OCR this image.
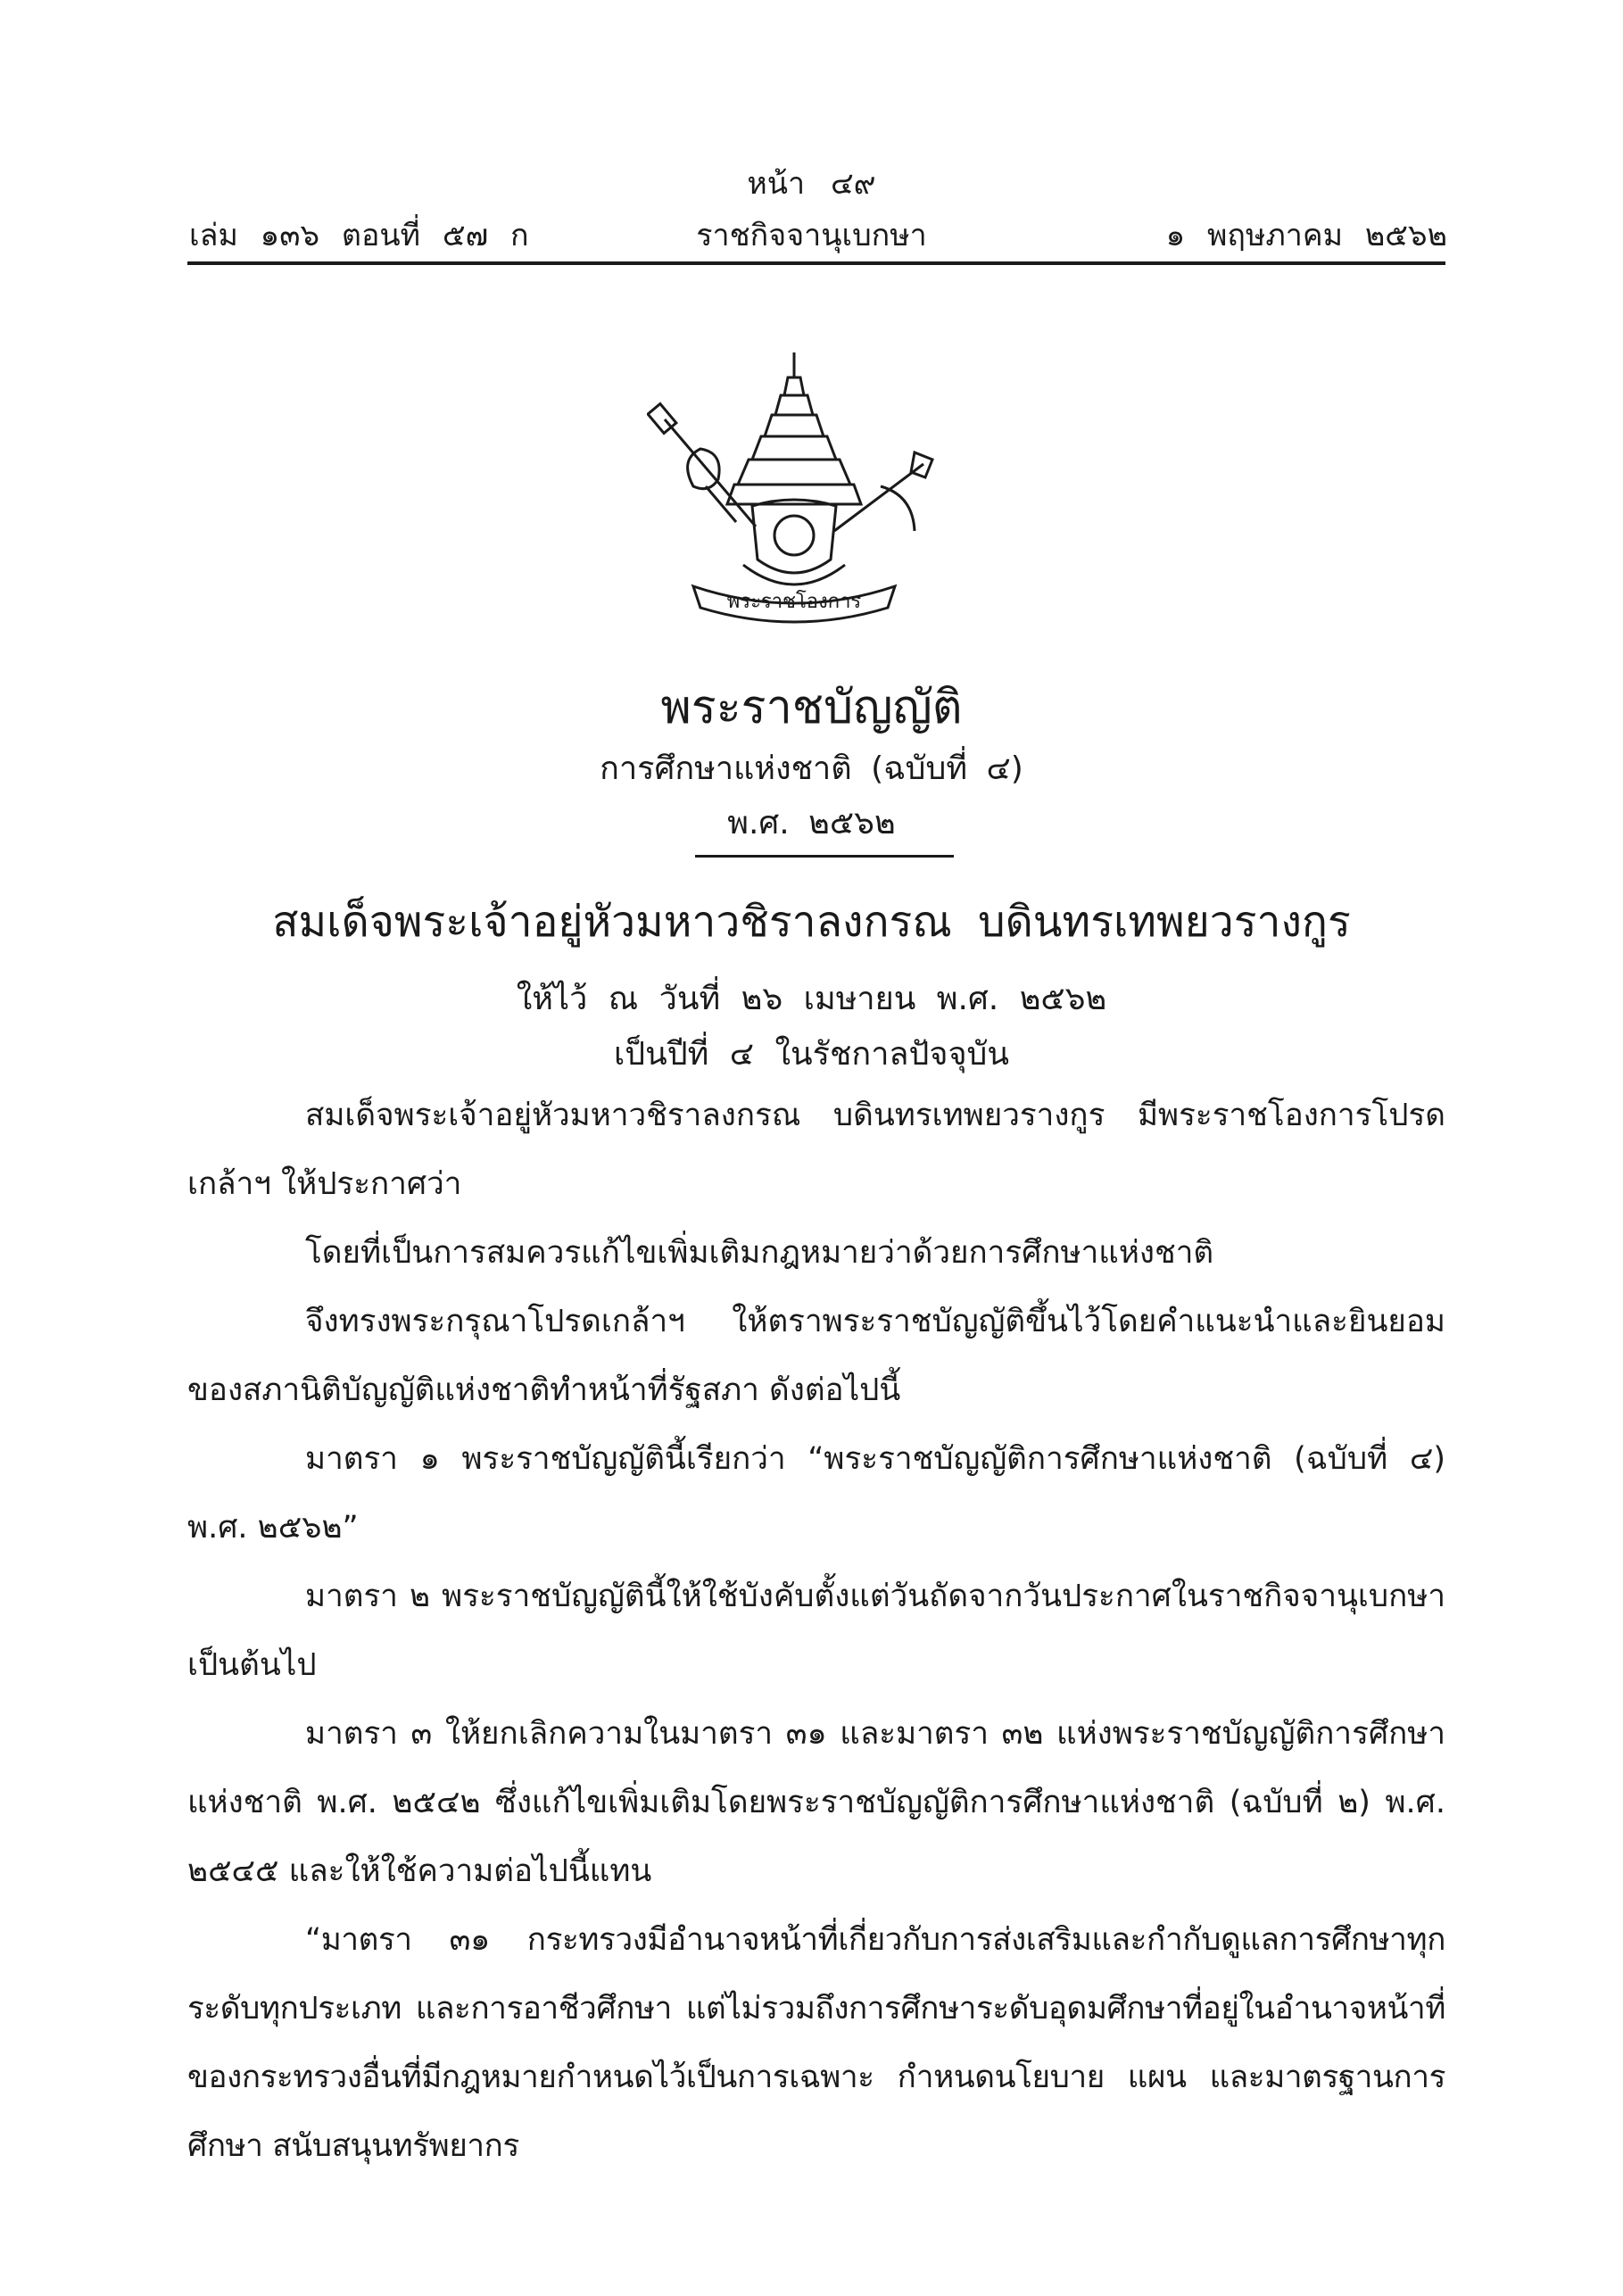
หน้า ๔๙
เล่ม ๑๓๖ ตอนที่ ๕๗ ก	ราชกิจจานุเบกษา	๑ พฤษภาคม ๒๕๖๒
พระราชโองการ
พระราชบัญญัติ
การศึกษาแห่งชาติ (ฉบับที่ ๔)
พ.ศ. ๒๕๖๒
สมเด็จพระเจ้าอยู่หัวมหาวชิราลงกรณ บดินทรเทพยวรางกูร
ให้ไว้ ณ วันที่ ๒๖ เมษายน พ.ศ. ๒๕๖๒
เป็นปีที่ ๔ ในรัชกาลปัจจุบัน

สมเด็จพระเจ้าอยู่หัวมหาวชิราลงกรณ บดินทรเทพยวรางกูร มีพระราชโองการโปรดเกล้าฯ ให้ประกาศว่า

โดยที่เป็นการสมควรแก้ไขเพิ่มเติมกฎหมายว่าด้วยการศึกษาแห่งชาติ

จึงทรงพระกรุณาโปรดเกล้าฯ ให้ตราพระราชบัญญัติขึ้นไว้โดยคำแนะนำและยินยอมของสภานิติบัญญัติแห่งชาติทำหน้าที่รัฐสภา ดังต่อไปนี้

มาตรา ๑ พระราชบัญญัตินี้เรียกว่า “พระราชบัญญัติการศึกษาแห่งชาติ (ฉบับที่ ๔) พ.ศ. ๒๕๖๒”

มาตรา ๒ พระราชบัญญัตินี้ให้ใช้บังคับตั้งแต่วันถัดจากวันประกาศในราชกิจจานุเบกษาเป็นต้นไป

มาตรา ๓ ให้ยกเลิกความในมาตรา ๓๑ และมาตรา ๓๒ แห่งพระราชบัญญัติการศึกษาแห่งชาติ พ.ศ. ๒๕๔๒ ซึ่งแก้ไขเพิ่มเติมโดยพระราชบัญญัติการศึกษาแห่งชาติ (ฉบับที่ ๒) พ.ศ. ๒๕๔๕ และให้ใช้ความต่อไปนี้แทน

“มาตรา ๓๑ กระทรวงมีอำนาจหน้าที่เกี่ยวกับการส่งเสริมและกำกับดูแลการศึกษาทุกระดับทุกประเภท และการอาชีวศึกษา แต่ไม่รวมถึงการศึกษาระดับอุดมศึกษาที่อยู่ในอำนาจหน้าที่ของกระทรวงอื่นที่มีกฎหมายกำหนดไว้เป็นการเฉพาะ กำหนดนโยบาย แผน และมาตรฐานการศึกษา สนับสนุนทรัพยากร
